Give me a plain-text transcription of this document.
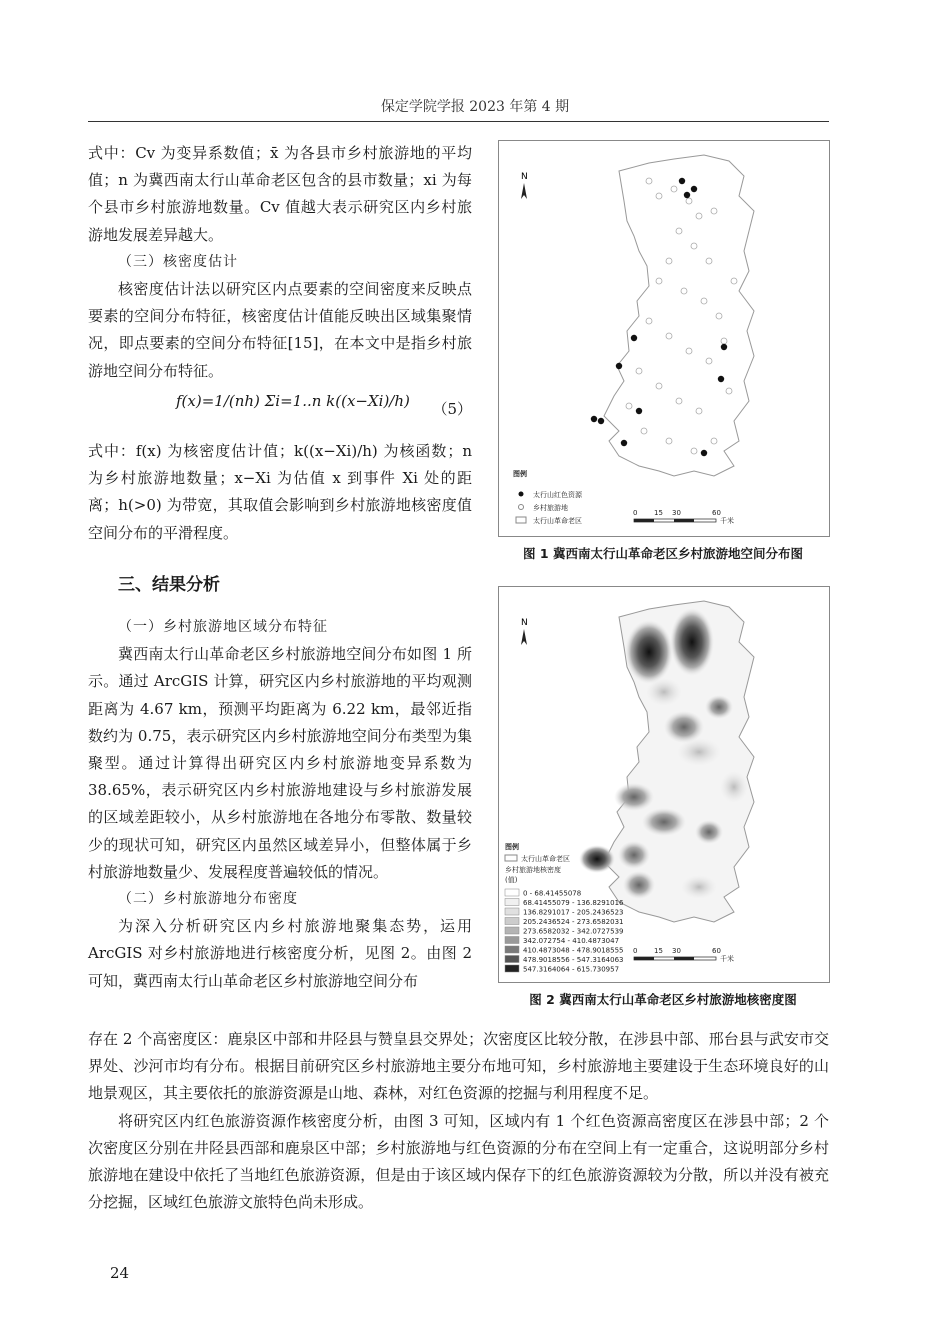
保定学院学报 2023 年第 4 期

式中：Cv 为变异系数值；x̄ 为各县市乡村旅游地的平均值；n 为冀西南太行山革命老区包含的县市数量；xi 为每个县市乡村旅游地数量。Cv 值越大表示研究区内乡村旅游地发展差异越大。

（三）核密度估计

核密度估计法以研究区内点要素的空间密度来反映点要素的空间分布特征，核密度估计值能反映出区域集聚情况，即点要素的空间分布特征[15]，在本文中是指乡村旅游地空间分布特征。

f(x)=1/(nh) Σi=1..n k((x−Xi)/h) （5）

式中：f(x) 为核密度估计值；k((x−Xi)/h) 为核函数；n 为乡村旅游地数量；x−Xi 为估值 x 到事件 Xi 处的距离；h(>0) 为带宽，其取值会影响到乡村旅游地核密度值空间分布的平滑程度。

三、结果分析

（一）乡村旅游地区域分布特征

冀西南太行山革命老区乡村旅游地空间分布如图 1 所示。通过 ArcGIS 计算，研究区内乡村旅游地的平均观测距离为 4.67 km，预测平均距离为 6.22 km，最邻近指数约为 0.75，表示研究区内乡村旅游地空间分布类型为集聚型。通过计算得出研究区内乡村旅游地变异系数为 38.65%，表示研究区内乡村旅游地建设与乡村旅游发展的区域差距较小，从乡村旅游地在各地分布零散、数量较少的现状可知，研究区内虽然区域差异小，但整体属于乡村旅游地数量少、发展程度普遍较低的情况。

（二）乡村旅游地分布密度

为深入分析研究区内乡村旅游地聚集态势，运用 ArcGIS 对乡村旅游地进行核密度分析，见图 2。由图 2 可知，冀西南太行山革命老区乡村旅游地空间分布

存在 2 个高密度区：鹿泉区中部和井陉县与赞皇县交界处；次密度区比较分散，在涉县中部、邢台县与武安市交界处、沙河市均有分布。根据目前研究区乡村旅游地主要分布地可知，乡村旅游地主要建设于生态环境良好的山地景观区，其主要依托的旅游资源是山地、森林，对红色资源的挖掘与利用程度不足。

将研究区内红色旅游资源作核密度分析，由图 3 可知，区域内有 1 个红色资源高密度区在涉县中部；2 个次密度区分别在井陉县西部和鹿泉区中部；乡村旅游地与红色资源的分布在空间上有一定重合，这说明部分乡村旅游地在建设中依托了当地红色旅游资源，但是由于该区域内保存下的红色旅游资源较为分散，所以并没有被充分挖掘，区域红色旅游文旅特色尚未形成。

N
图例
太行山红色资源
乡村旅游地
太行山革命老区
0 15 30	60
千米
图 1 冀西南太行山革命老区乡村旅游地空间分布图
N
图例
太行山革命老区
乡村旅游地核密度
(值)
0 - 68.41455078
68.41455079 - 136.8291016
136.8291017 - 205.2436523
205.2436524 - 273.6582031
273.6582032 - 342.0727539
342.072754 - 410.4873047
410.4873048 - 478.9018555
478.9018556 - 547.3164063
547.3164064 - 615.730957
0 15 30	60
千米
图 2 冀西南太行山革命老区乡村旅游地核密度图
24
